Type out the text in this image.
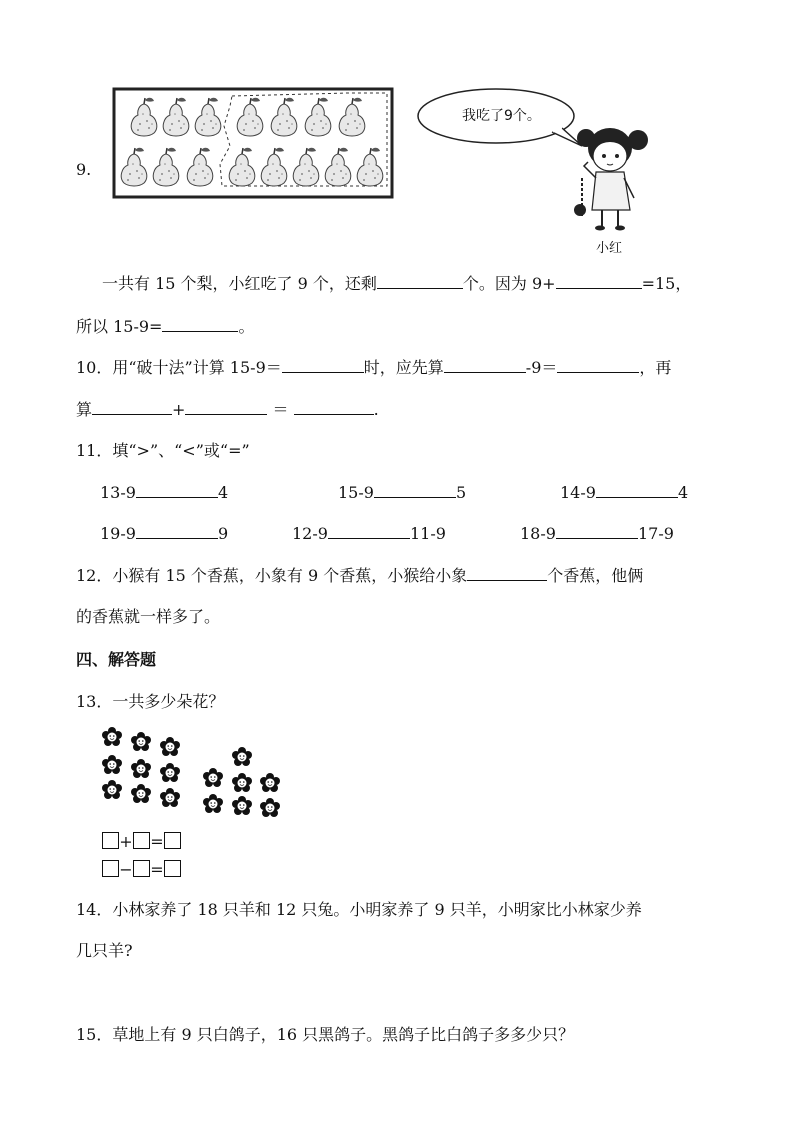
9.
我吃了9个。
小红
一共有 15 个梨，小红吃了 9 个，还剩	个。因为 9+	=15，
所以 15-9=	。
10．用“破十法”计算 15-9＝	时，应先算	-9＝	，再
算	+	＝	.
11．填“>”、“<”或“=”
13-9	4	15-9	5	14-9	4
19-9	9	12-9	11-9	18-9	17-9
12．小猴有 15 个香蕉，小象有 9 个香蕉，小猴给小象	个香蕉，他俩
的香蕉就一样多了。
四、解答题
13．一共多少朵花？
+ =
− =
14．小林家养了 18 只羊和 12 只兔。小明家养了 9 只羊，小明家比小林家少养
几只羊?
15．草地上有 9 只白鸽子，16 只黑鸽子。黑鸽子比白鸽子多多少只？
